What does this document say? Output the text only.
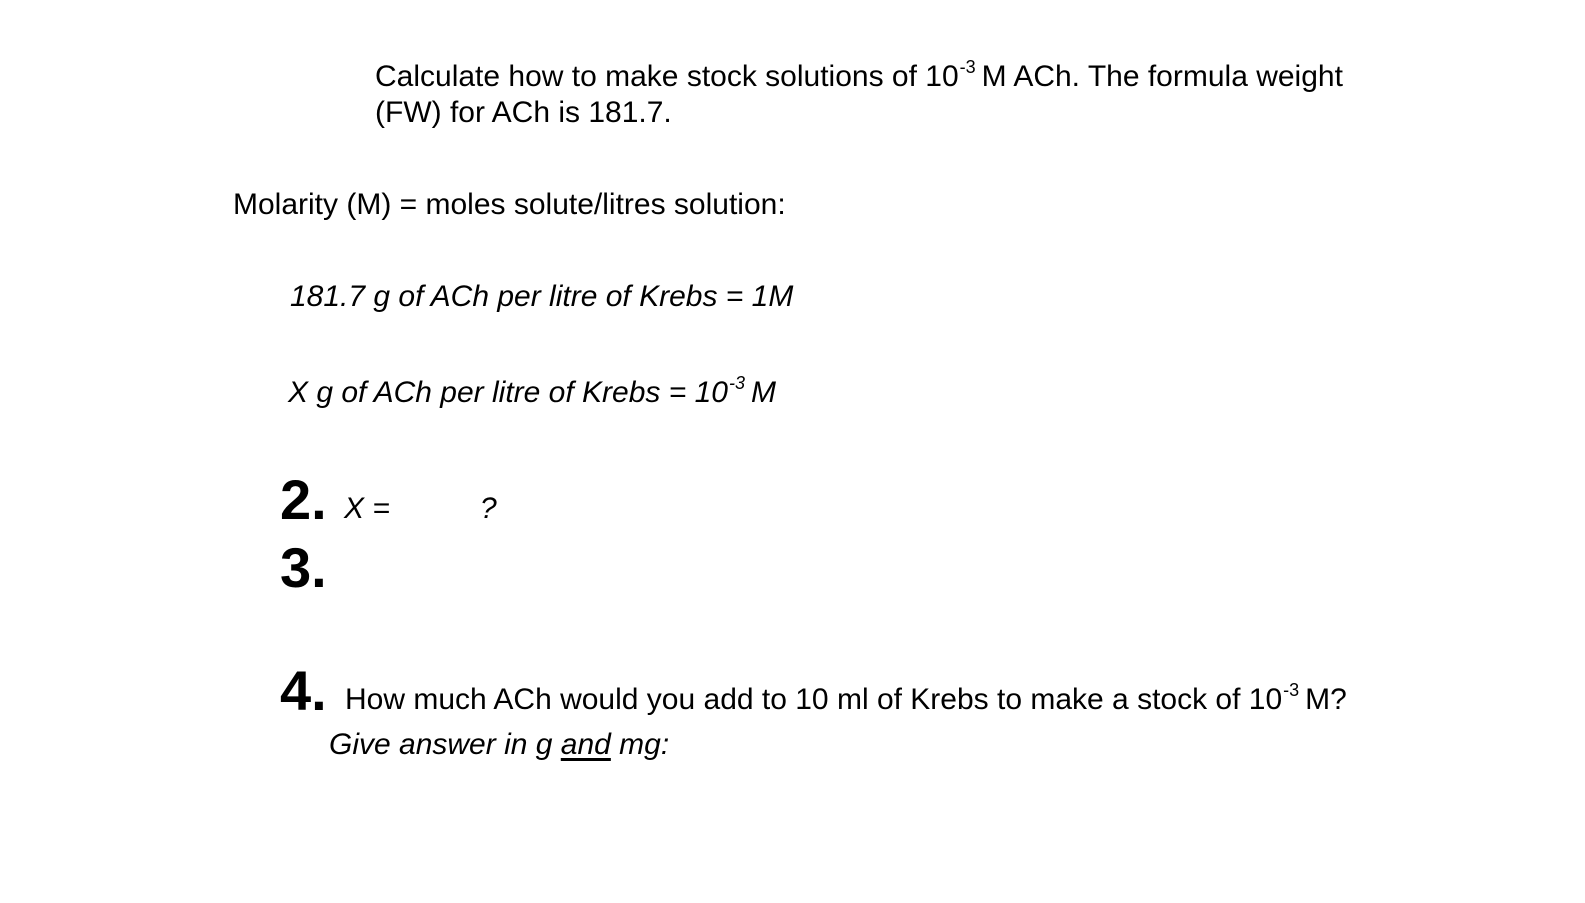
Calculate how to make stock solutions of $10^{-3}$ M ACh. The formula weight
(FW) for ACh is 181.7.
Molarity (M) = moles solute/litres solution:
181.7 g of ACh per litre of Krebs = 1M
X g of ACh per litre of Krebs = $10^{-3}$ M
2. X =	?
3.
4. How much ACh would you add to 10 ml of Krebs to make a stock of $10^{-3}$ M?
Give answer in g and mg:
